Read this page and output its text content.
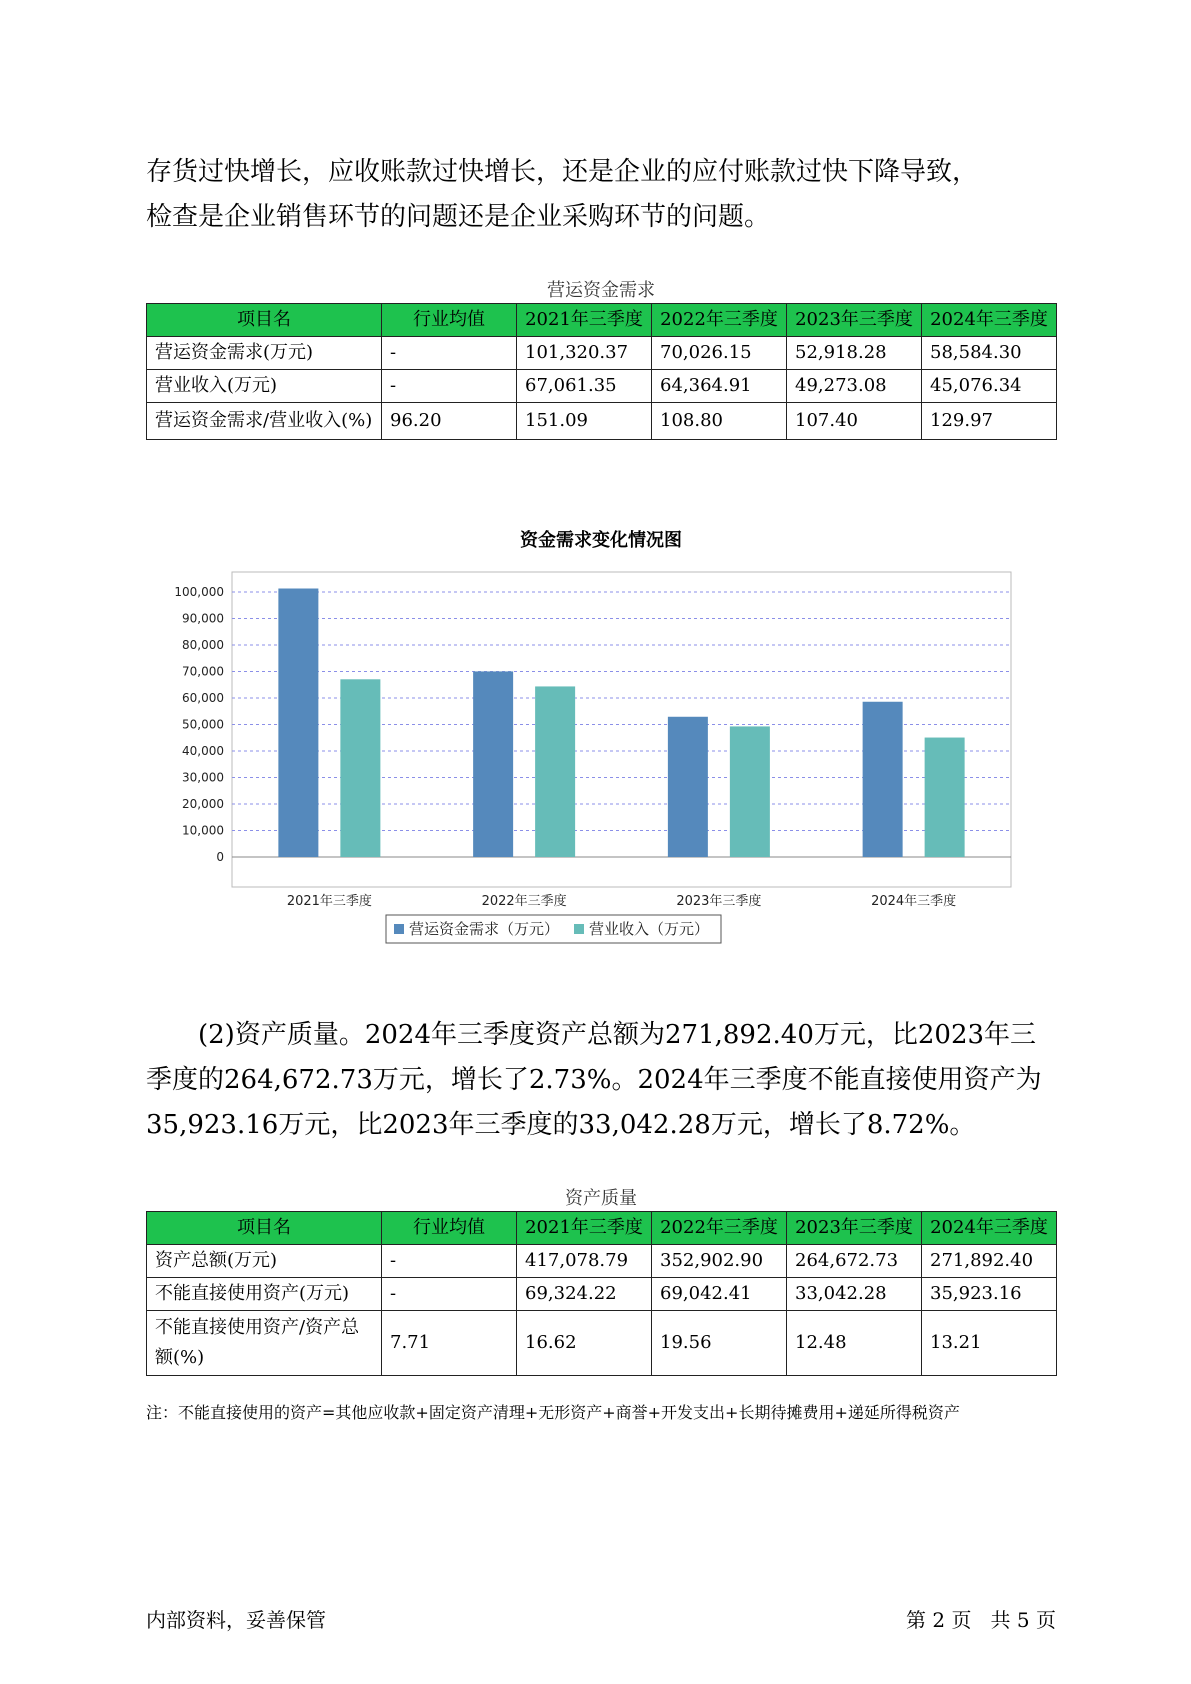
存货过快增长，应收账款过快增长，还是企业的应付账款过快下降导致，
检查是企业销售环节的问题还是企业采购环节的问题。

营运资金需求
项目名	行业均值	2021年三季度	2022年三季度	2023年三季度	2024年三季度
营运资金需求(万元)	-	101,320.37	70,026.15	52,918.28	58,584.30
营业收入(万元)	-	67,061.35	64,364.91	49,273.08	45,076.34
营运资金需求/营业收入(%)	96.20	151.09	108.80	107.40	129.97
资金需求变化情况图
0
10,000
20,000
30,000
40,000
50,000
60,000
70,000
80,000
90,000
100,000
2021年三季度	2022年三季度	2023年三季度	2024年三季度
营运资金需求（万元） 营业收入（万元）

(2)资产质量。2024年三季度资产总额为271,892.40万元，比2023年三
季度的264,672.73万元，增长了2.73%。2024年三季度不能直接使用资产为
35,923.16万元，比2023年三季度的33,042.28万元，增长了8.72%。

资产质量
项目名	行业均值	2021年三季度	2022年三季度	2023年三季度	2024年三季度
资产总额(万元)	-	417,078.79	352,902.90	264,672.73	271,892.40
不能直接使用资产(万元)	-	69,324.22	69,042.41	33,042.28	35,923.16
不能直接使用资产/资产总额(%)	7.71	16.62	19.56	12.48	13.21

注：不能直接使用的资产=其他应收款+固定资产清理+无形资产+商誉+开发支出+长期待摊费用+递延所得税资产

内部资料，妥善保管	第 2 页   共 5 页
